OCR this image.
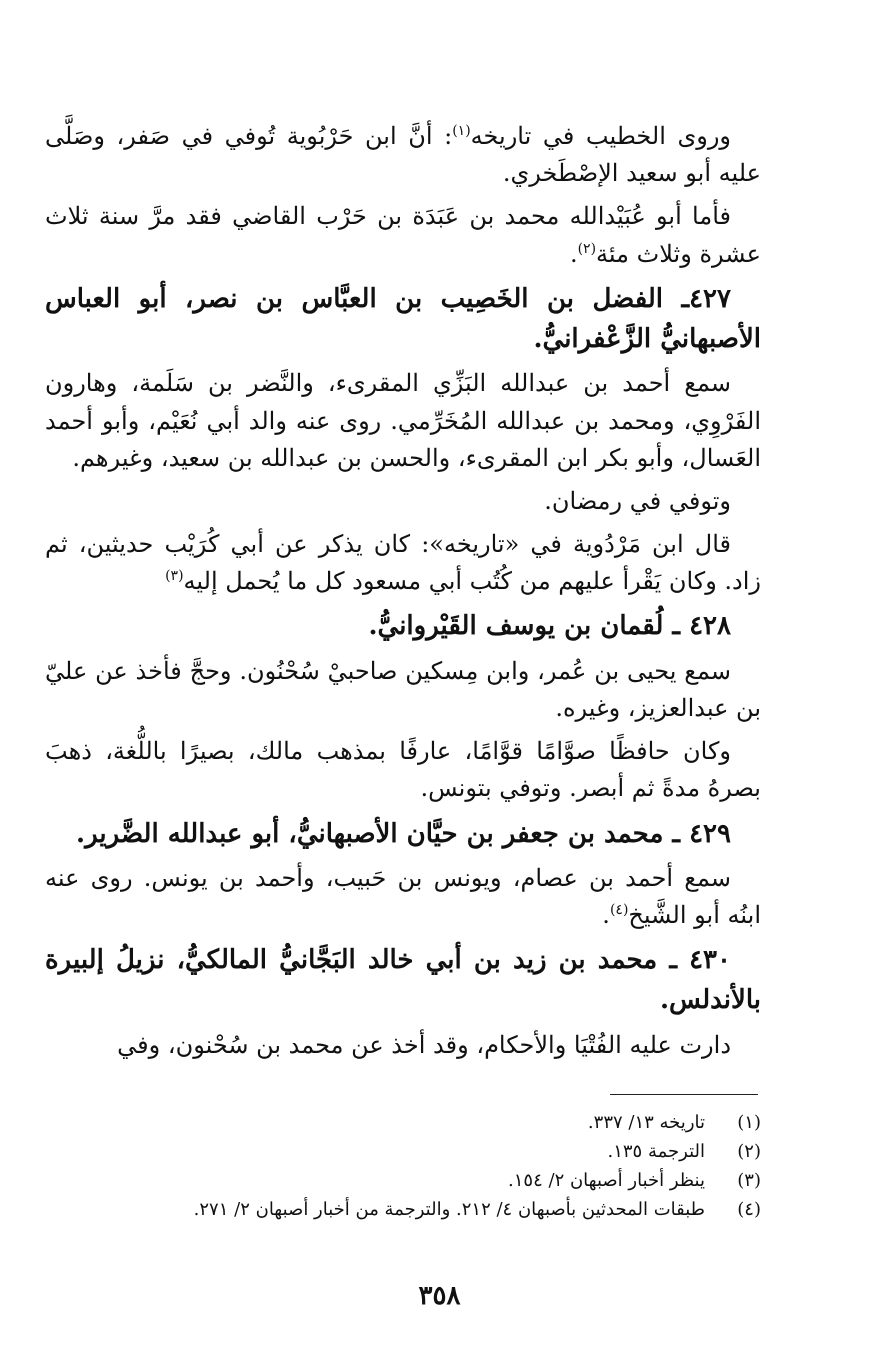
وروى الخطيب في تاريخه$^{(١)}$: أنَّ ابن حَرْبُوية تُوفي في صَفر، وصَلَّى عليه أبو سعيد الإصْطَخري.

فأما أبو عُبَيْدالله محمد بن عَبَدَة بن حَرْب القاضي فقد مرَّ سنة ثلاث عشرة وثلاث مئة$^{(٢)}$.

٤٢٧ـ الفضل بن الخَصِيب بن العبَّاس بن نصر، أبو العباس الأصبهانيُّ الزَّعْفرانيُّ.

سمع أحمد بن عبدالله البَزِّي المقرىء، والنَّضر بن سَلَمة، وهارون الفَرْوِي، ومحمد بن عبدالله المُخَرِّمي. روى عنه والد أبي نُعَيْم، وأبو أحمد العَسال، وأبو بكر ابن المقرىء، والحسن بن عبدالله بن سعيد، وغيرهم.

وتوفي في رمضان.

قال ابن مَرْدُوية في «تاريخه»: كان يذكر عن أبي كُرَيْب حديثين، ثم زاد. وكان يَقْرأ عليهم من كُتُب أبي مسعود كل ما يُحمل إليه$^{(٣)}$

٤٢٨ ـ لُقمان بن يوسف القَيْروانيُّ.

سمع يحيى بن عُمر، وابن مِسكين صاحبيْ سُحْنُون. وحجَّ فأخذ عن عليّ بن عبدالعزيز، وغيره.

وكان حافظًا صوَّامًا قوَّامًا، عارفًا بمذهب مالك، بصيرًا باللُّغة، ذهبَ بصرهُ مدةً ثم أبصر. وتوفي بتونس.

٤٢٩ ـ محمد بن جعفر بن حيَّان الأصبهانيُّ، أبو عبدالله الضَّرير.

سمع أحمد بن عصام، ويونس بن حَبيب، وأحمد بن يونس. روى عنه ابنُه أبو الشَّيخ$^{(٤)}$.

٤٣٠ ـ محمد بن زيد بن أبي خالد البَجَّانيُّ المالكيُّ، نزيلُ إلبيرة بالأندلس.

دارت عليه الفُتْيَا والأحكام، وقد أخذ عن محمد بن سُحْنون، وفي

(١)
تاريخه ١٣/ ٣٣٧.
(٢)
الترجمة ١٣٥.
(٣)
ينظر أخبار أصبهان ٢/ ١٥٤.
(٤)
طبقات المحدثين بأصبهان ٤/ ٢١٢. والترجمة من أخبار أصبهان ٢/ ٢٧١.
٣٥٨
